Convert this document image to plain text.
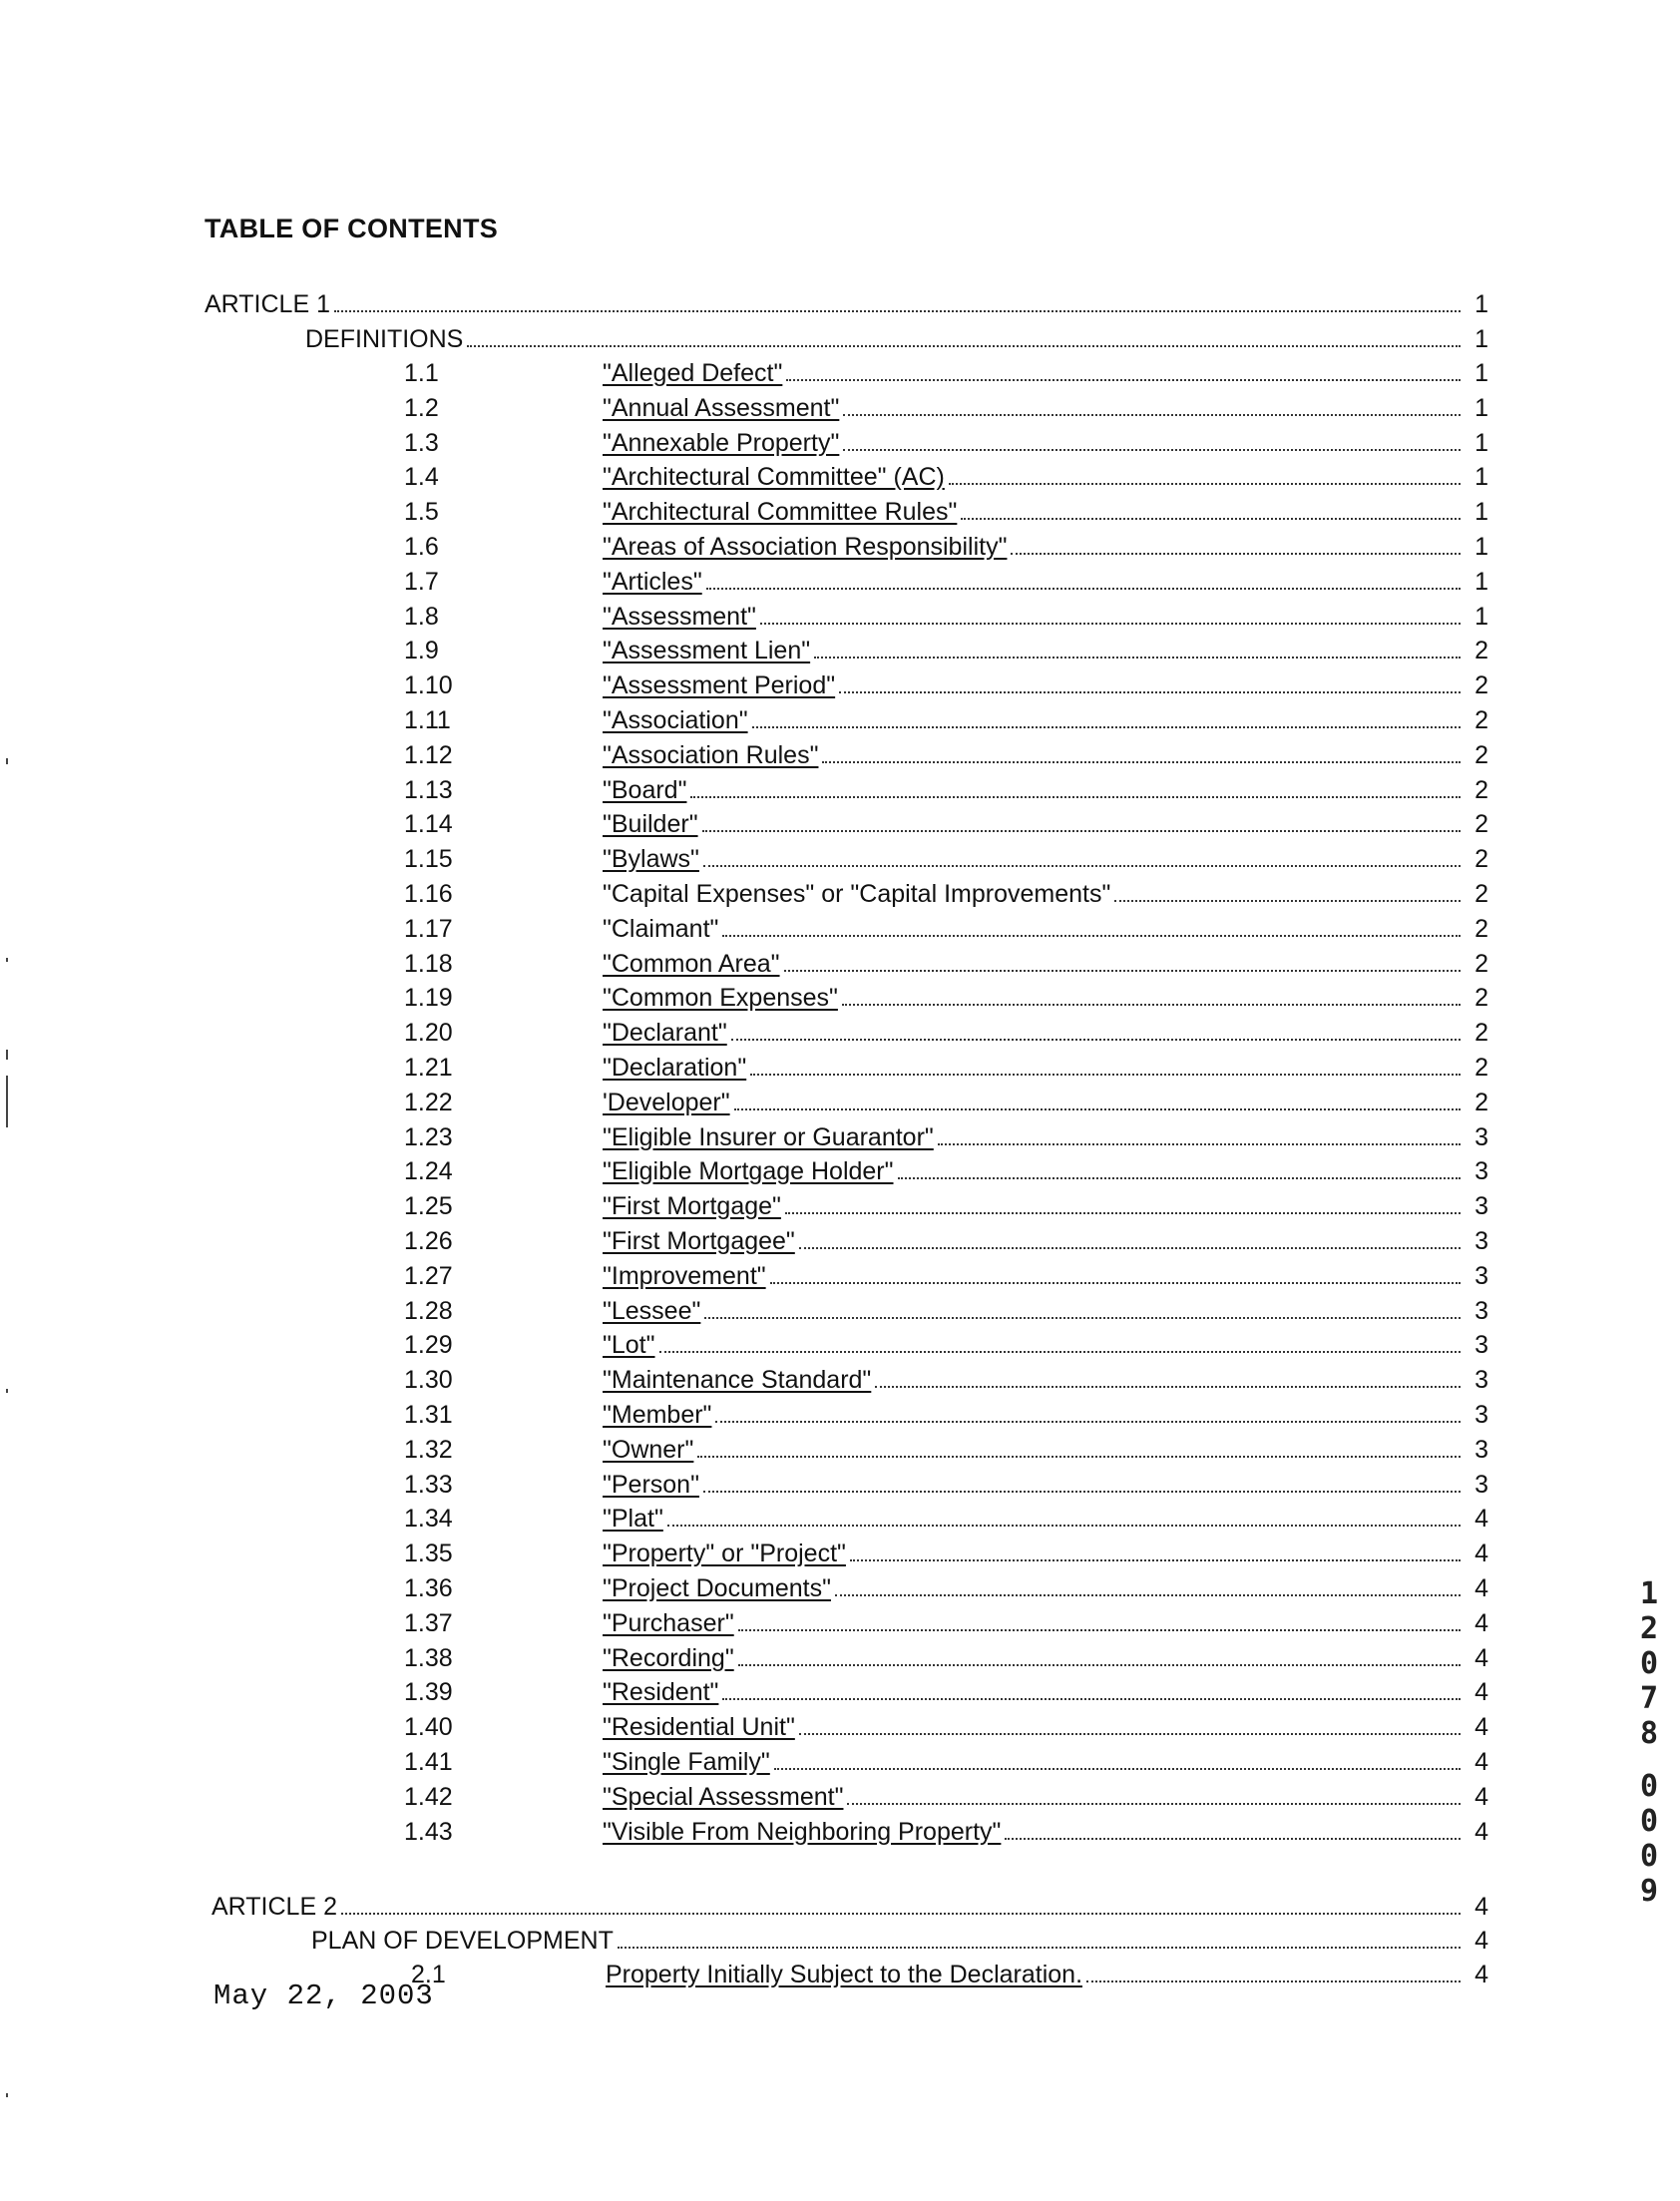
TABLE OF CONTENTS
ARTICLE 1	1
DEFINITIONS	1
1.1	"Alleged Defect"	1
1.2	"Annual Assessment"	1
1.3	"Annexable Property"	1
1.4	"Architectural Committee" (AC)	1
1.5	"Architectural Committee Rules"	1
1.6	"Areas of Association Responsibility"	1
1.7	"Articles"	1
1.8	"Assessment"	1
1.9	"Assessment Lien"	2
1.10	"Assessment Period"	2
1.11	"Association"	2
1.12	"Association Rules"	2
1.13	"Board"	2
1.14	"Builder"	2
1.15	"Bylaws"	2
1.16	"Capital Expenses" or "Capital Improvements"	2
1.17	"Claimant"	2
1.18	"Common Area"	2
1.19	"Common Expenses"	2
1.20	"Declarant"	2
1.21	"Declaration"	2
1.22	'Developer"	2
1.23	"Eligible Insurer or Guarantor"	3
1.24	"Eligible Mortgage Holder"	3
1.25	"First Mortgage"	3
1.26	"First Mortgagee"	3
1.27	"Improvement"	3
1.28	"Lessee"	3
1.29	"Lot"	3
1.30	"Maintenance Standard"	3
1.31	"Member"	3
1.32	"Owner"	3
1.33	"Person"	3
1.34	"Plat"	4
1.35	"Property" or "Project"	4
1.36	"Project Documents"	4
1.37	"Purchaser"	4
1.38	"Recording"	4
1.39	"Resident"	4
1.40	"Residential Unit"	4
1.41	"Single Family"	4
1.42	"Special Assessment"	4
1.43	"Visible From Neighboring Property"	4
ARTICLE 2	4
PLAN OF DEVELOPMENT	4
2.1	Property Initially Subject to the Declaration.	4
May 22, 2003
1
2
0
7
8
0
0
0
9
